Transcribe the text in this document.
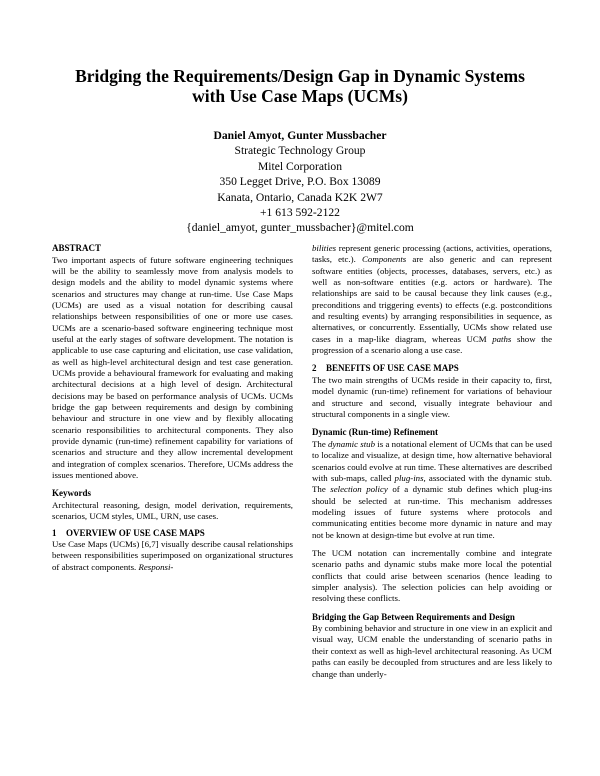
Bridging the Requirements/Design Gap in Dynamic Systems
with Use Case Maps (UCMs)
Daniel Amyot, Gunter Mussbacher
Strategic Technology Group
Mitel Corporation
350 Legget Drive, P.O. Box 13089
Kanata, Ontario, Canada K2K 2W7
+1 613 592-2122
{daniel_amyot, gunter_mussbacher}@mitel.com
ABSTRACT

Two important aspects of future software engineering techniques will be the ability to seamlessly move from analysis models to design models and the ability to model dynamic systems where scenarios and structures may change at run-time. Use Case Maps (UCMs) are used as a visual notation for describing causal relationships between responsibilities of one or more use cases. UCMs are a scenario-based software engineering technique most useful at the early stages of software development. The notation is applicable to use case capturing and elicitation, use case validation, as well as high-level architectural design and test case generation. UCMs provide a behavioural framework for evaluating and making architectural decisions at a high level of design. Architectural decisions may be based on performance analysis of UCMs. UCMs bridge the gap between requirements and design by combining behaviour and structure in one view and by flexibly allocating scenario responsibilities to architectural components. They also provide dynamic (run-time) refinement capability for variations of scenarios and structure and they allow incremental development and integration of complex scenarios. Therefore, UCMs address the issues mentioned above.

Keywords

Architectural reasoning, design, model derivation, requirements, scenarios, UCM styles, UML, URN, use cases.

1 OVERVIEW OF USE CASE MAPS

Use Case Maps (UCMs) [6,7] visually describe causal relationships between responsibilities superimposed on organizational structures of abstract components. Responsi-

bilities represent generic processing (actions, activities, operations, tasks, etc.). Components are also generic and can represent software entities (objects, processes, databases, servers, etc.) as well as non-software entities (e.g. actors or hardware). The relationships are said to be causal because they link causes (e.g., preconditions and triggering events) to effects (e.g. postconditions and resulting events) by arranging responsibilities in sequence, as alternatives, or concurrently. Essentially, UCMs show related use cases in a map-like diagram, whereas UCM paths show the progression of a scenario along a use case.

2 BENEFITS OF USE CASE MAPS

The two main strengths of UCMs reside in their capacity to, first, model dynamic (run-time) refinement for variations of behaviour and structure and second, visually integrate behaviour and structural components in a single view.

Dynamic (Run-time) Refinement

The dynamic stub is a notational element of UCMs that can be used to localize and visualize, at design time, how alternative behavioral scenarios could evolve at run time. These alternatives are described with sub-maps, called plug-ins, associated with the dynamic stub. The selection policy of a dynamic stub defines which plug-ins should be selected at run-time. This mechanism addresses modeling issues of future systems where protocols and communicating entities become more dynamic in nature and may not be known at design-time but evolve at run time.

The UCM notation can incrementally combine and integrate scenario paths and dynamic stubs make more local the potential conflicts that could arise between scenarios (hence leading to simpler analysis). The selection policies can help avoiding or resolving these conflicts.

Bridging the Gap Between Requirements and Design

By combining behavior and structure in one view in an explicit and visual way, UCM enable the understanding of scenario paths in their context as well as high-level architectural reasoning. As UCM paths can easily be decoupled from structures and are less likely to change than underly-
